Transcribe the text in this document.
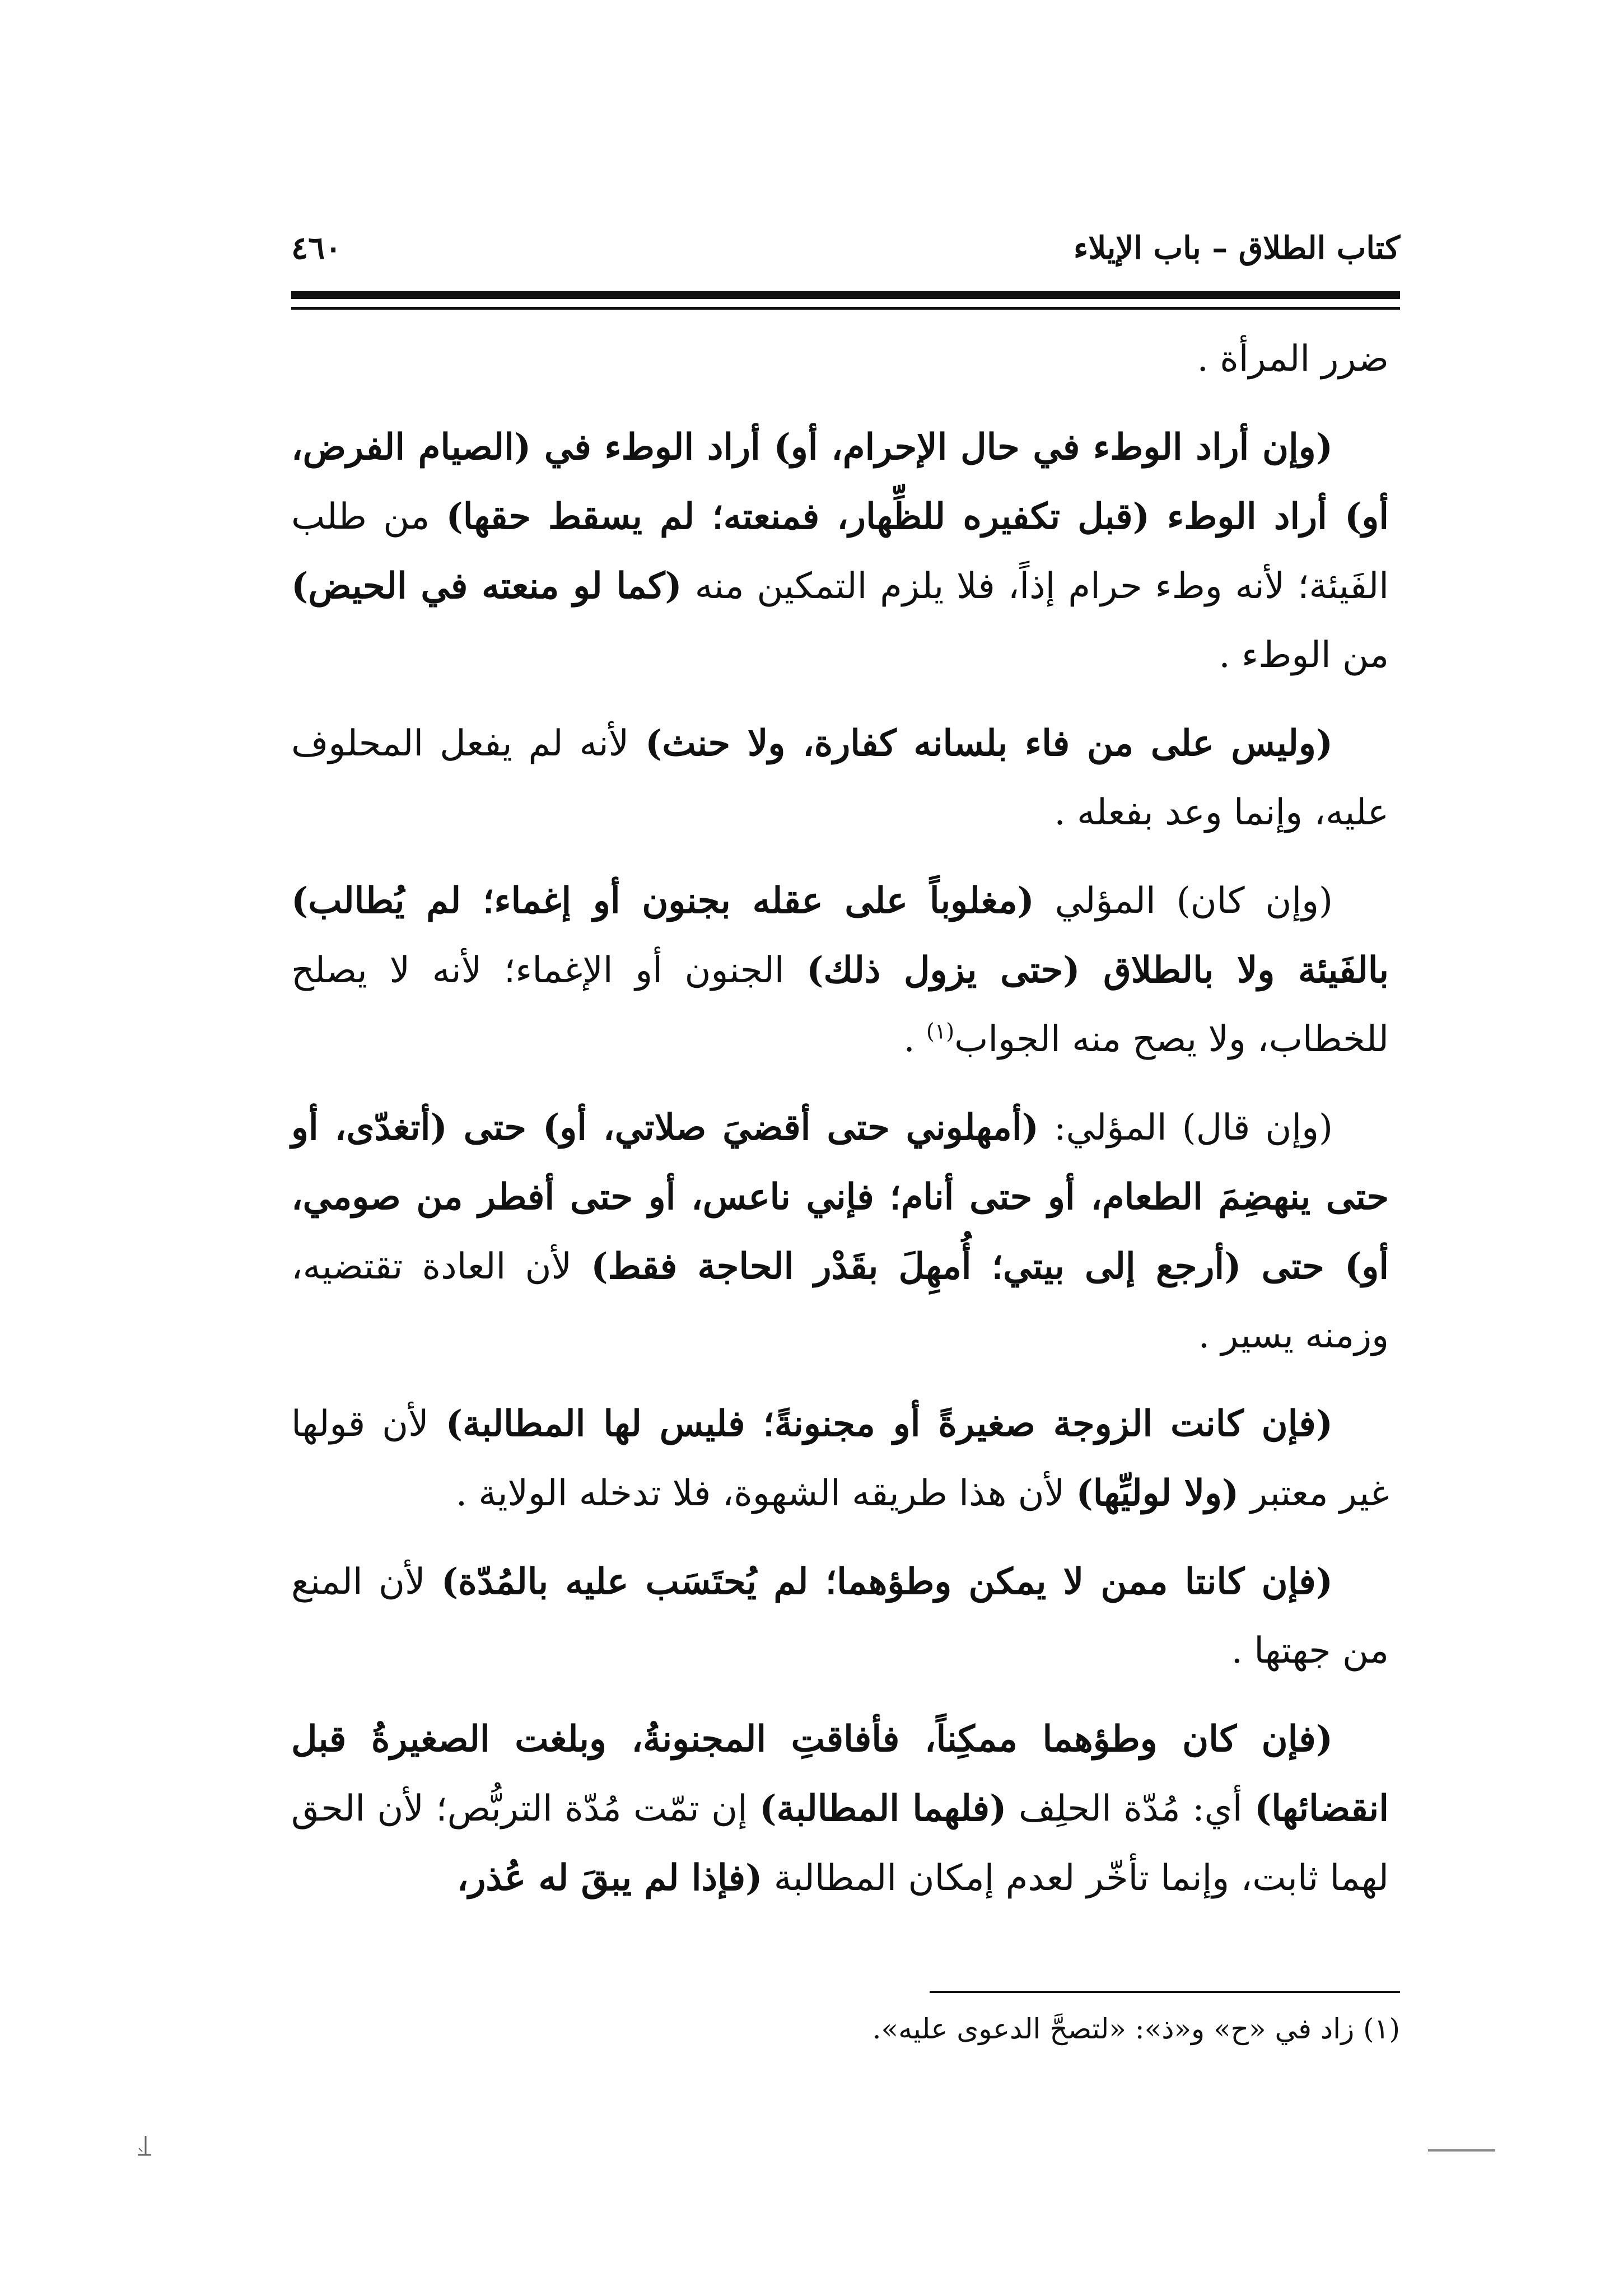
كتاب الطلاق – باب الإيلاء
٤٦٠

ضرر المرأة .

(وإن أراد الوطء في حال الإحرام، أو) أراد الوطء في (الصيام الفرض، أو) أراد الوطء (قبل تكفيره للظِّهار، فمنعته؛ لم يسقط حقها) من طلب الفَيئة؛ لأنه وطء حرام إذاً، فلا يلزم التمكين منه (كما لو منعته في الحيض) من الوطء .

(وليس على من فاء بلسانه كفارة، ولا حنث) لأنه لم يفعل المحلوف عليه، وإنما وعد بفعله .

(وإن كان) المؤلي (مغلوباً على عقله بجنون أو إغماء؛ لم يُطالب) بالفَيئة ولا بالطلاق (حتى يزول ذلك) الجنون أو الإغماء؛ لأنه لا يصلح للخطاب، ولا يصح منه الجواب$^{(١)}$ .

(وإن قال) المؤلي: (أمهلوني حتى أقضيَ صلاتي، أو) حتى (أتغدّى، أو حتى ينهضِمَ الطعام، أو حتى أنام؛ فإني ناعس، أو حتى أفطر من صومي، أو) حتى (أرجع إلى بيتي؛ أُمهِلَ بقَدْر الحاجة فقط) لأن العادة تقتضيه، وزمنه يسير .

(فإن كانت الزوجة صغيرةً أو مجنونةً؛ فليس لها المطالبة) لأن قولها غير معتبر (ولا لوليِّها) لأن هذا طريقه الشهوة، فلا تدخله الولاية .

(فإن كانتا ممن لا يمكن وطؤهما؛ لم يُحتَسَب عليه بالمُدّة) لأن المنع من جهتها .

(فإن كان وطؤهما ممكِناً، فأفاقتِ المجنونةُ، وبلغت الصغيرةُ قبل انقضائها) أي: مُدّة الحلِف (فلهما المطالبة) إن تمّت مُدّة التربُّص؛ لأن الحق لهما ثابت، وإنما تأخّر لعدم إمكان المطالبة (فإذا لم يبقَ له عُذر،

(١) زاد في «ح» و«ذ»: «لتصحَّ الدعوى عليه».
